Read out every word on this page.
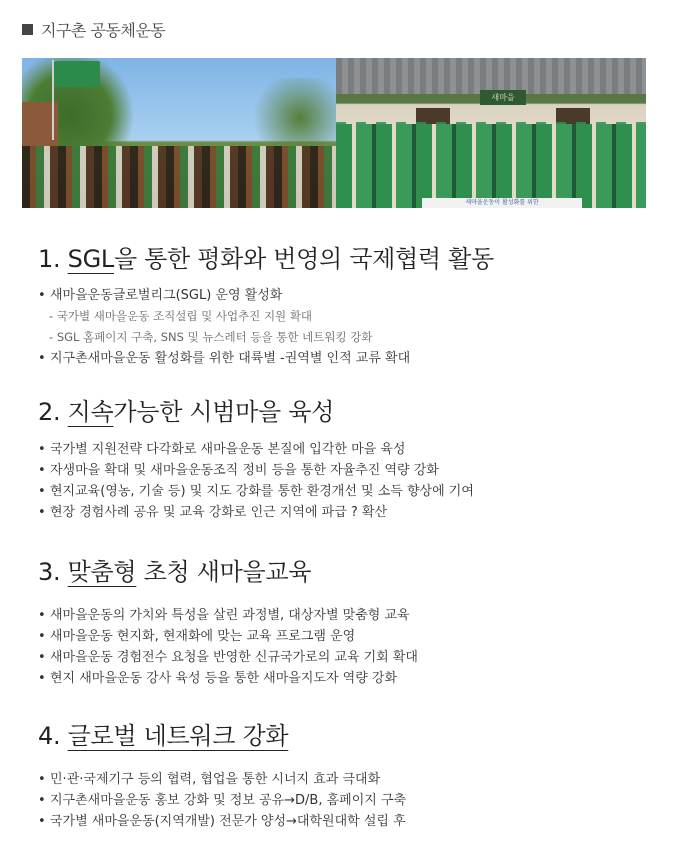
지구촌 공동체운동
새마을
새마을운동이 활성화를 위한
1. SGL을 통한 평화와 번영의 국제협력 활동
• 새마을운동글로벌리그(SGL) 운영 활성화
- 국가별 새마을운동 조직설립 및 사업추진 지원 확대
- SGL 홈페이지 구축, SNS 및 뉴스레터 등을 통한 네트워킹 강화
• 지구촌새마을운동 활성화를 위한 대륙별 -권역별 인적 교류 확대
2. 지속가능한 시범마을 육성
• 국가별 지원전략 다각화로 새마을운동 본질에 입각한 마을 육성
• 자생마을 확대 및 새마을운동조직 정비 등을 통한 자율추진 역량 강화
• 현지교육(영농, 기술 등) 및 지도 강화를 통한 환경개선 및 소득 향상에 기여
• 현장 경험사례 공유 및 교육 강화로 인근 지역에 파급 ? 확산
3. 맞춤형 초청 새마을교육
• 새마을운동의 가치와 특성을 살린 과정별, 대상자별 맞춤형 교육
• 새마을운동 현지화, 현재화에 맞는 교육 프로그램 운영
• 새마을운동 경험전수 요청을 반영한 신규국가로의 교육 기회 확대
• 현지 새마을운동 강사 육성 등을 통한 새마을지도자 역량 강화
4. 글로벌 네트워크 강화
• 민·관·국제기구 등의 협력, 협업을 통한 시너지 효과 극대화
• 지구촌새마을운동 홍보 강화 및 정보 공유→D/B, 홈페이지 구축
• 국가별 새마을운동(지역개발) 전문가 양성→대학원대학 설립 후
